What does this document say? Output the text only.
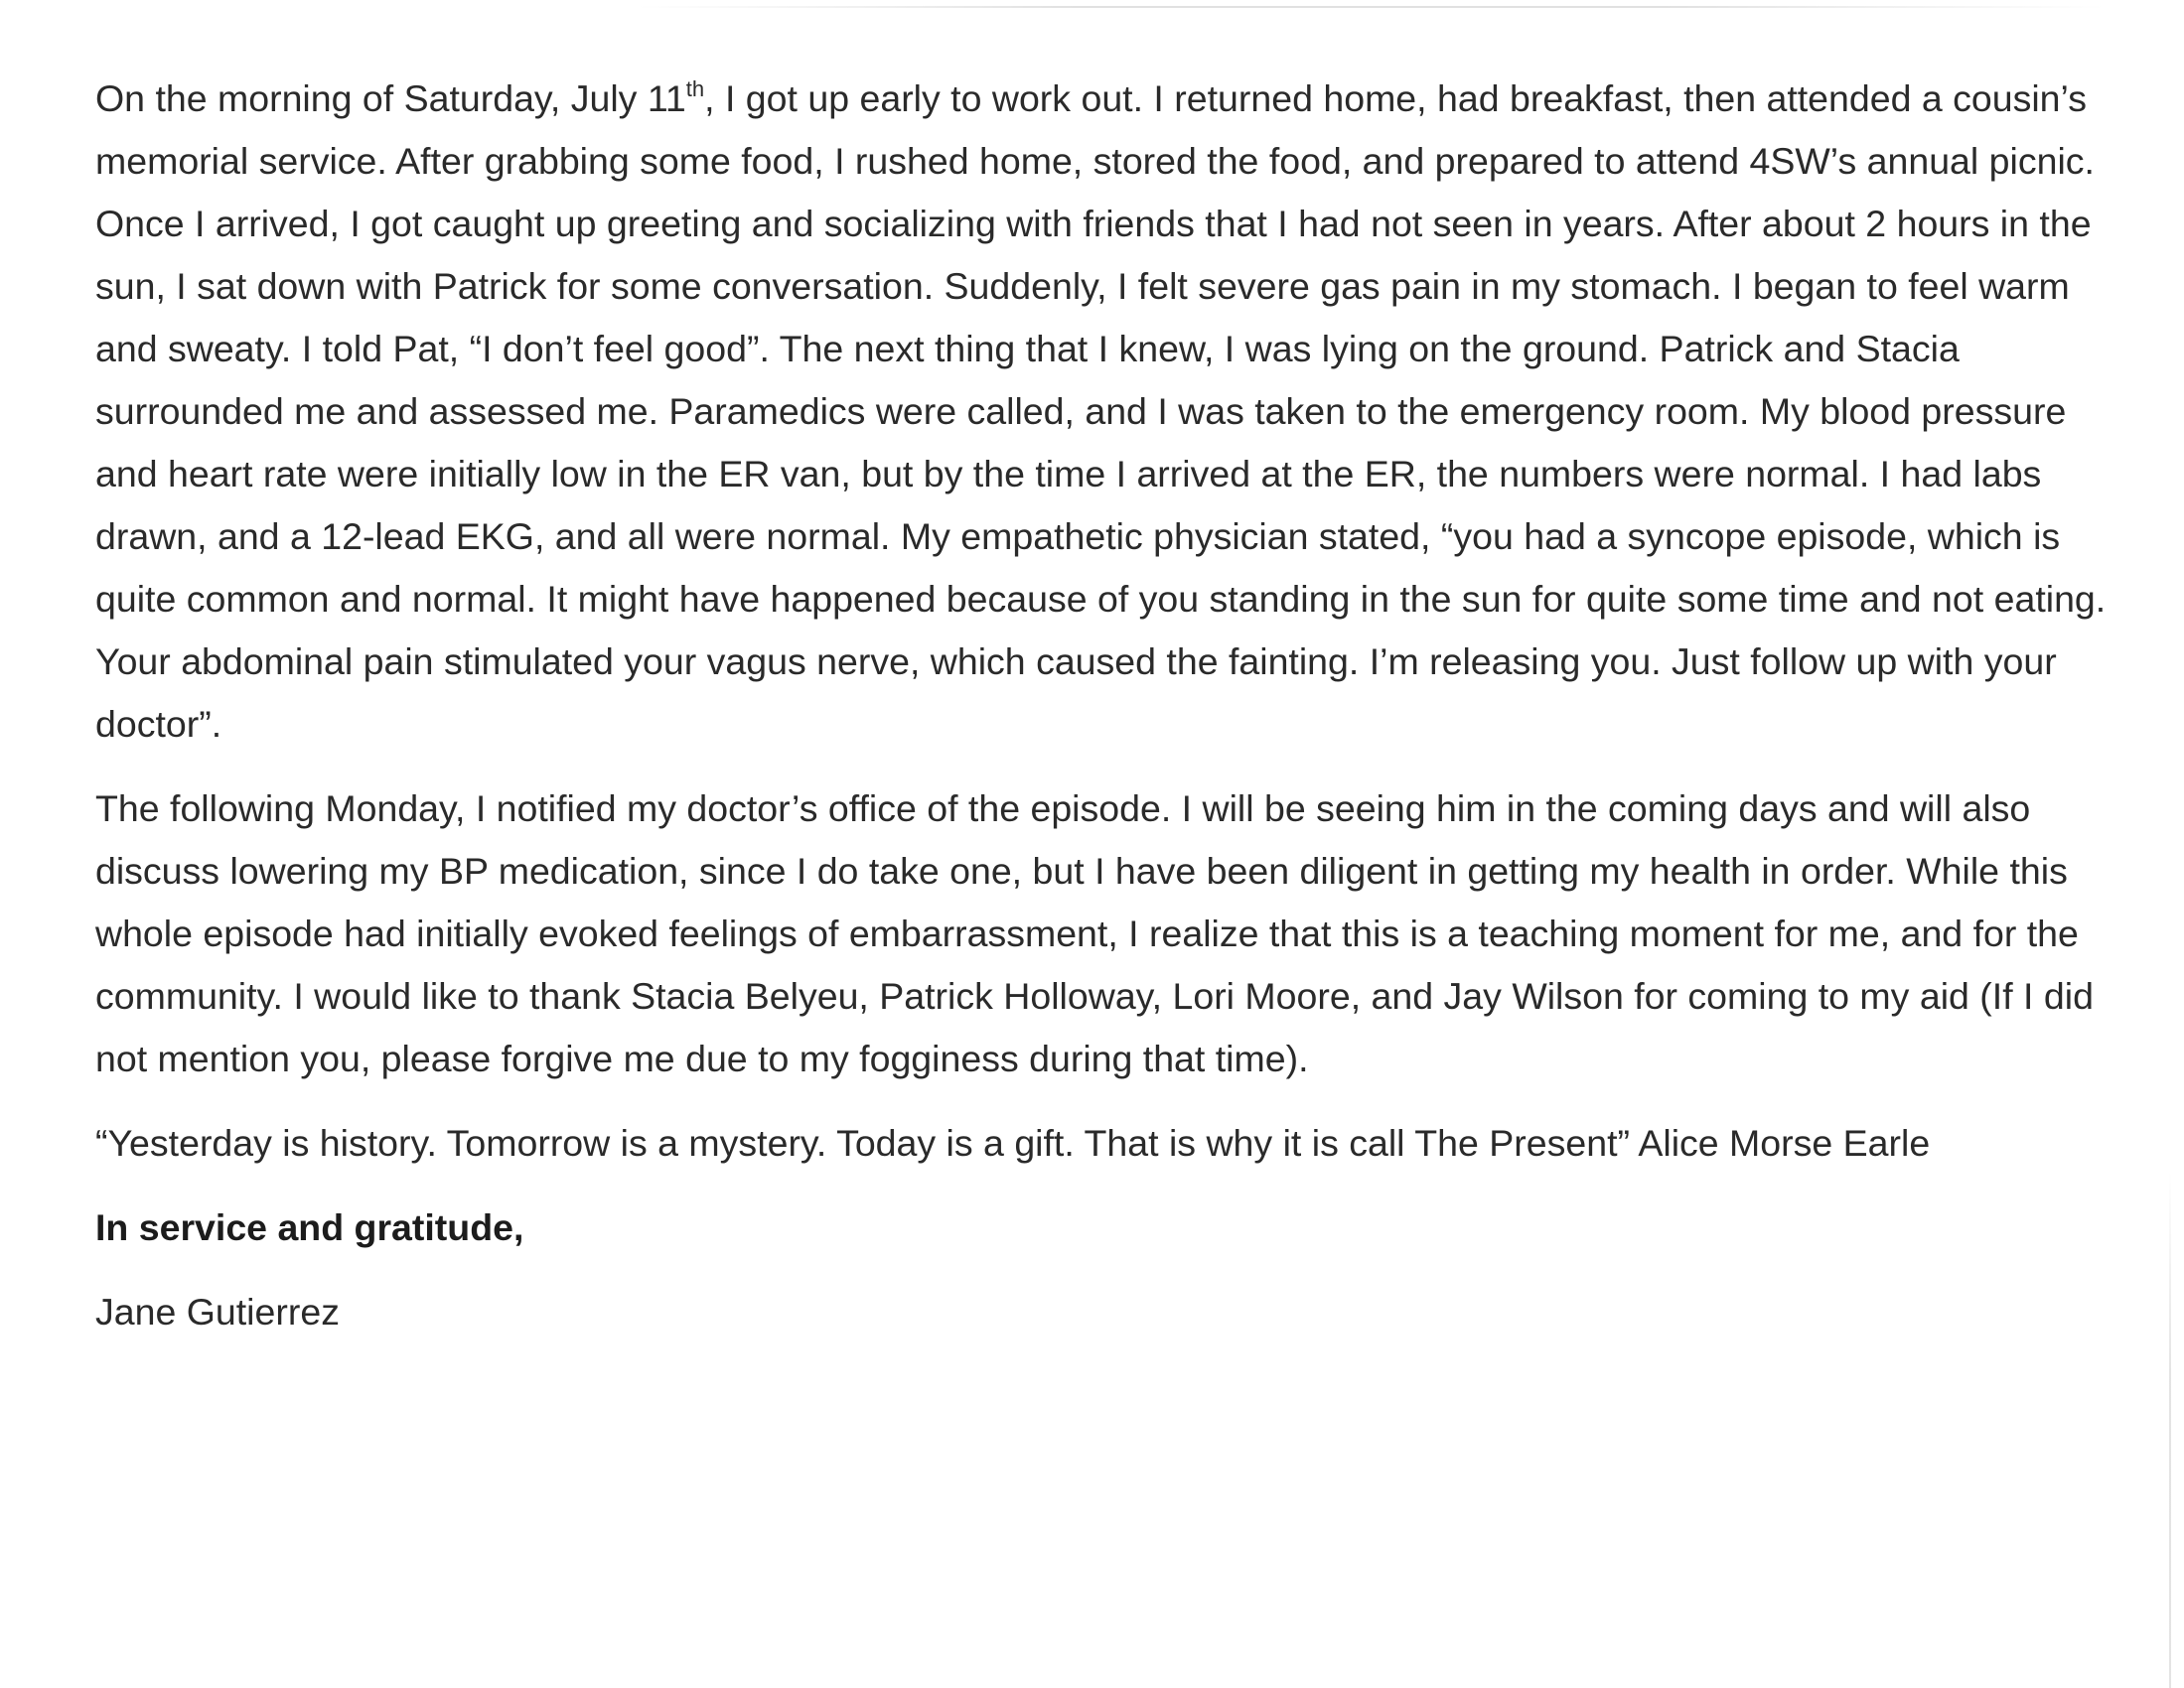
On the morning of Saturday, July 11th, I got up early to work out. I returned home, had breakfast, then attended a cousin’s memorial service. After grabbing some food, I rushed home, stored the food, and prepared to attend 4SW’s annual picnic. Once I arrived, I got caught up greeting and socializing with friends that I had not seen in years. After about 2 hours in the sun, I sat down with Patrick for some conversation. Suddenly, I felt severe gas pain in my stomach. I began to feel warm and sweaty. I told Pat, “I don’t feel good”. The next thing that I knew, I was lying on the ground. Patrick and Stacia surrounded me and assessed me. Paramedics were called, and I was taken to the emergency room. My blood pressure and heart rate were initially low in the ER van, but by the time I arrived at the ER, the numbers were normal. I had labs drawn, and a 12-lead EKG, and all were normal. My empathetic physician stated, “you had a syncope episode, which is quite common and normal. It might have happened because of you standing in the sun for quite some time and not eating. Your abdominal pain stimulated your vagus nerve, which caused the fainting. I’m releasing you. Just follow up with your doctor”.

The following Monday, I notified my doctor’s office of the episode. I will be seeing him in the coming days and will also discuss lowering my BP medication, since I do take one, but I have been diligent in getting my health in order. While this whole episode had initially evoked feelings of embarrassment, I realize that this is a teaching moment for me, and for the community. I would like to thank Stacia Belyeu, Patrick Holloway, Lori Moore, and Jay Wilson for coming to my aid (If I did not mention you, please forgive me due to my fogginess during that time).

“Yesterday is history. Tomorrow is a mystery. Today is a gift. That is why it is call The Present” Alice Morse Earle

In service and gratitude,

Jane Gutierrez
